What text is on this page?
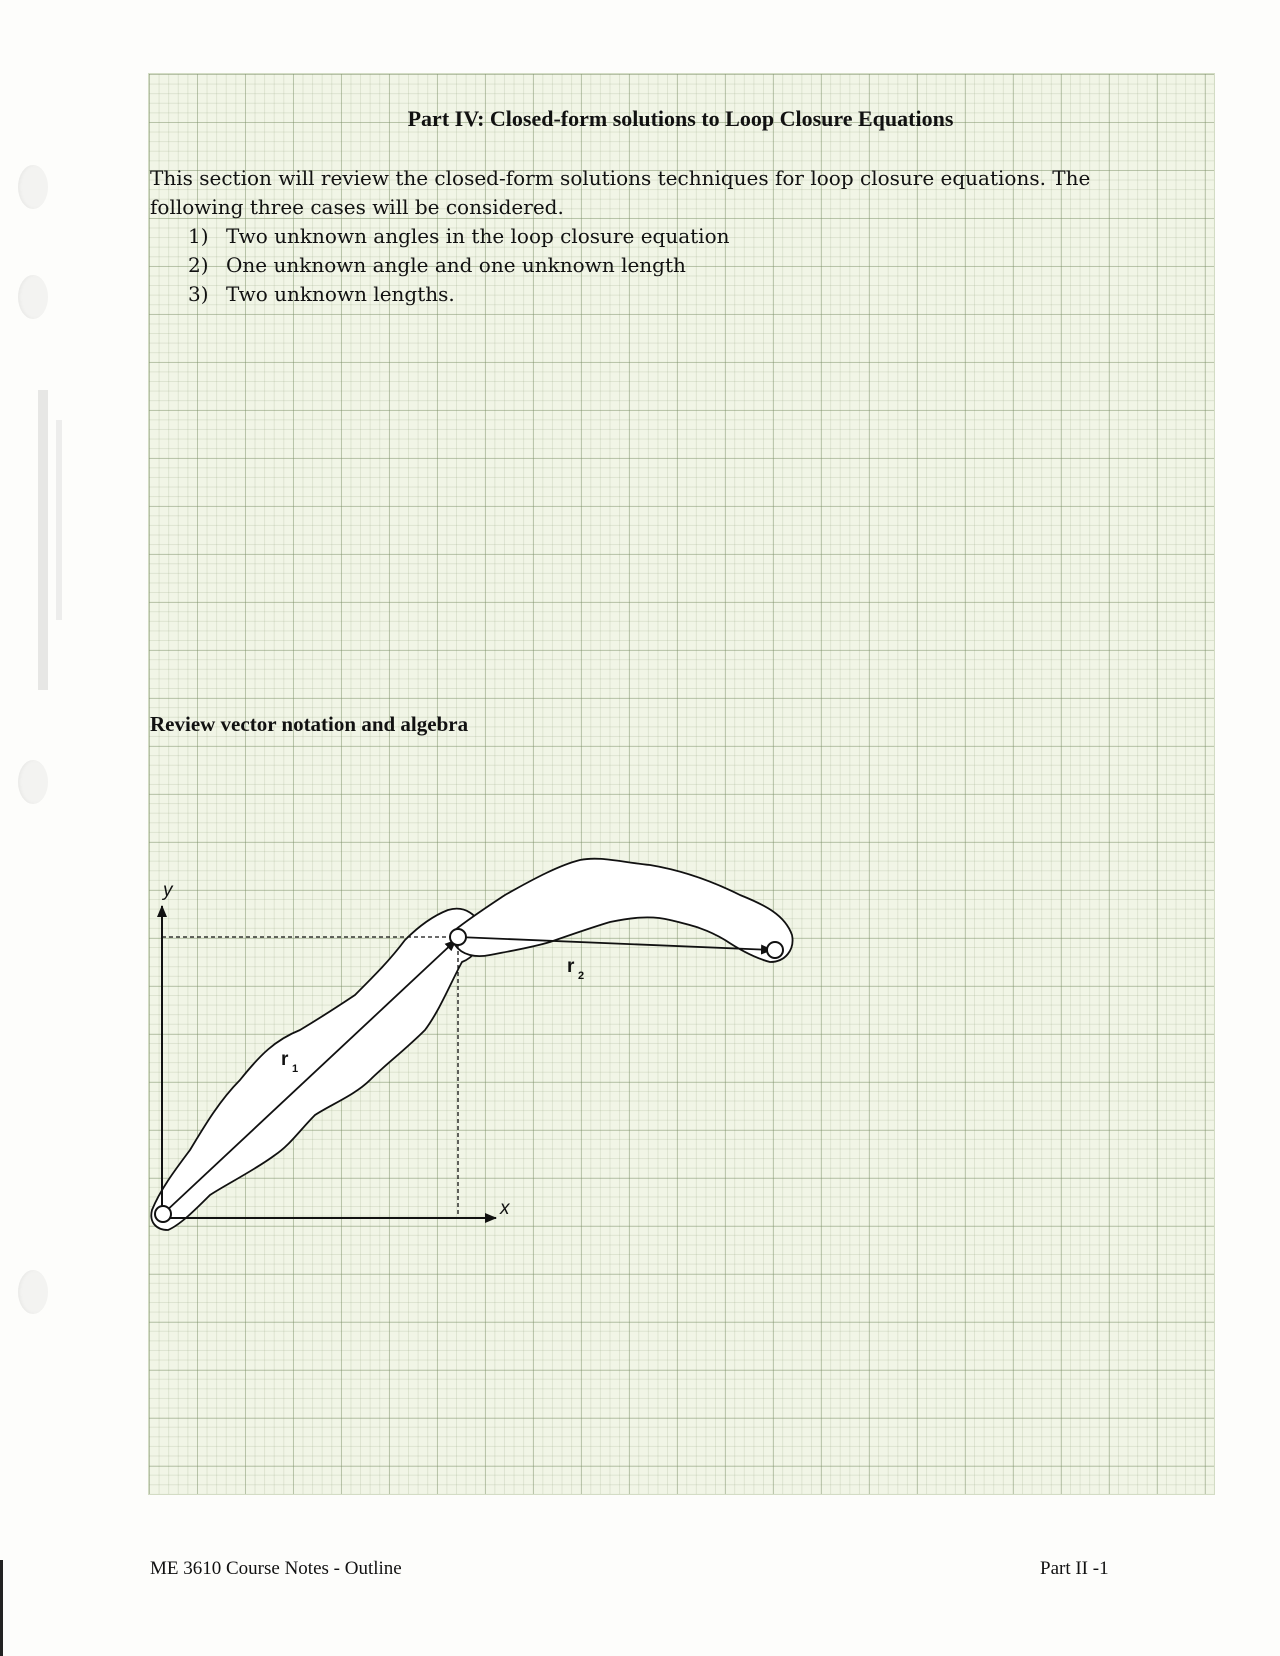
Part IV: Closed-form solutions to Loop Closure Equations
This section will review the closed-form solutions techniques for loop closure equations. The following three cases will be considered.
1) Two unknown angles in the loop closure equation
2) One unknown angle and one unknown length
3) Two unknown lengths.
Review vector notation and algebra
y
x
r 1
r 2
ME 3610 Course Notes - Outline	Part II -1
